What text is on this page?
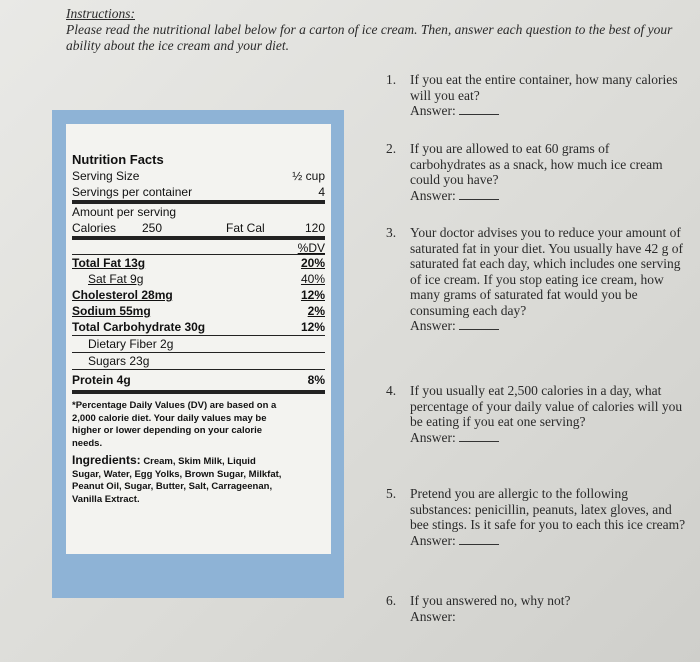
Instructions:
Please read the nutritional label below for a carton of ice cream. Then, answer each question to the best of your ability about the ice cream and your diet.
Nutrition Facts
Serving Size	½ cup
Servings per container	4
Amount per serving
Calories 250	Fat Cal	120
%DV
Total Fat 13g	20%
Sat Fat 9g	40%
Cholesterol 28mg	12%
Sodium 55mg	2%
Total Carbohydrate 30g	12%
Dietary Fiber 2g
Sugars 23g
Protein 4g	8%
*Percentage Daily Values (DV) are based on a 2,000 calorie diet. Your daily values may be higher or lower depending on your calorie needs.
Ingredients: Cream, Skim Milk, Liquid Sugar, Water, Egg Yolks, Brown Sugar, Milkfat, Peanut Oil, Sugar, Butter, Salt, Carrageenan, Vanilla Extract.
1. If you eat the entire container, how many calories will you eat?
Answer:
2. If you are allowed to eat 60 grams of carbohydrates as a snack, how much ice cream could you have?
Answer:
3. Your doctor advises you to reduce your amount of saturated fat in your diet. You usually have 42 g of saturated fat each day, which includes one serving of ice cream. If you stop eating ice cream, how many grams of saturated fat would you be consuming each day?
Answer:
4. If you usually eat 2,500 calories in a day, what percentage of your daily value of calories will you be eating if you eat one serving?
Answer:
5. Pretend you are allergic to the following substances: penicillin, peanuts, latex gloves, and bee stings. Is it safe for you to each this ice cream?
Answer:
6. If you answered no, why not?
Answer:
